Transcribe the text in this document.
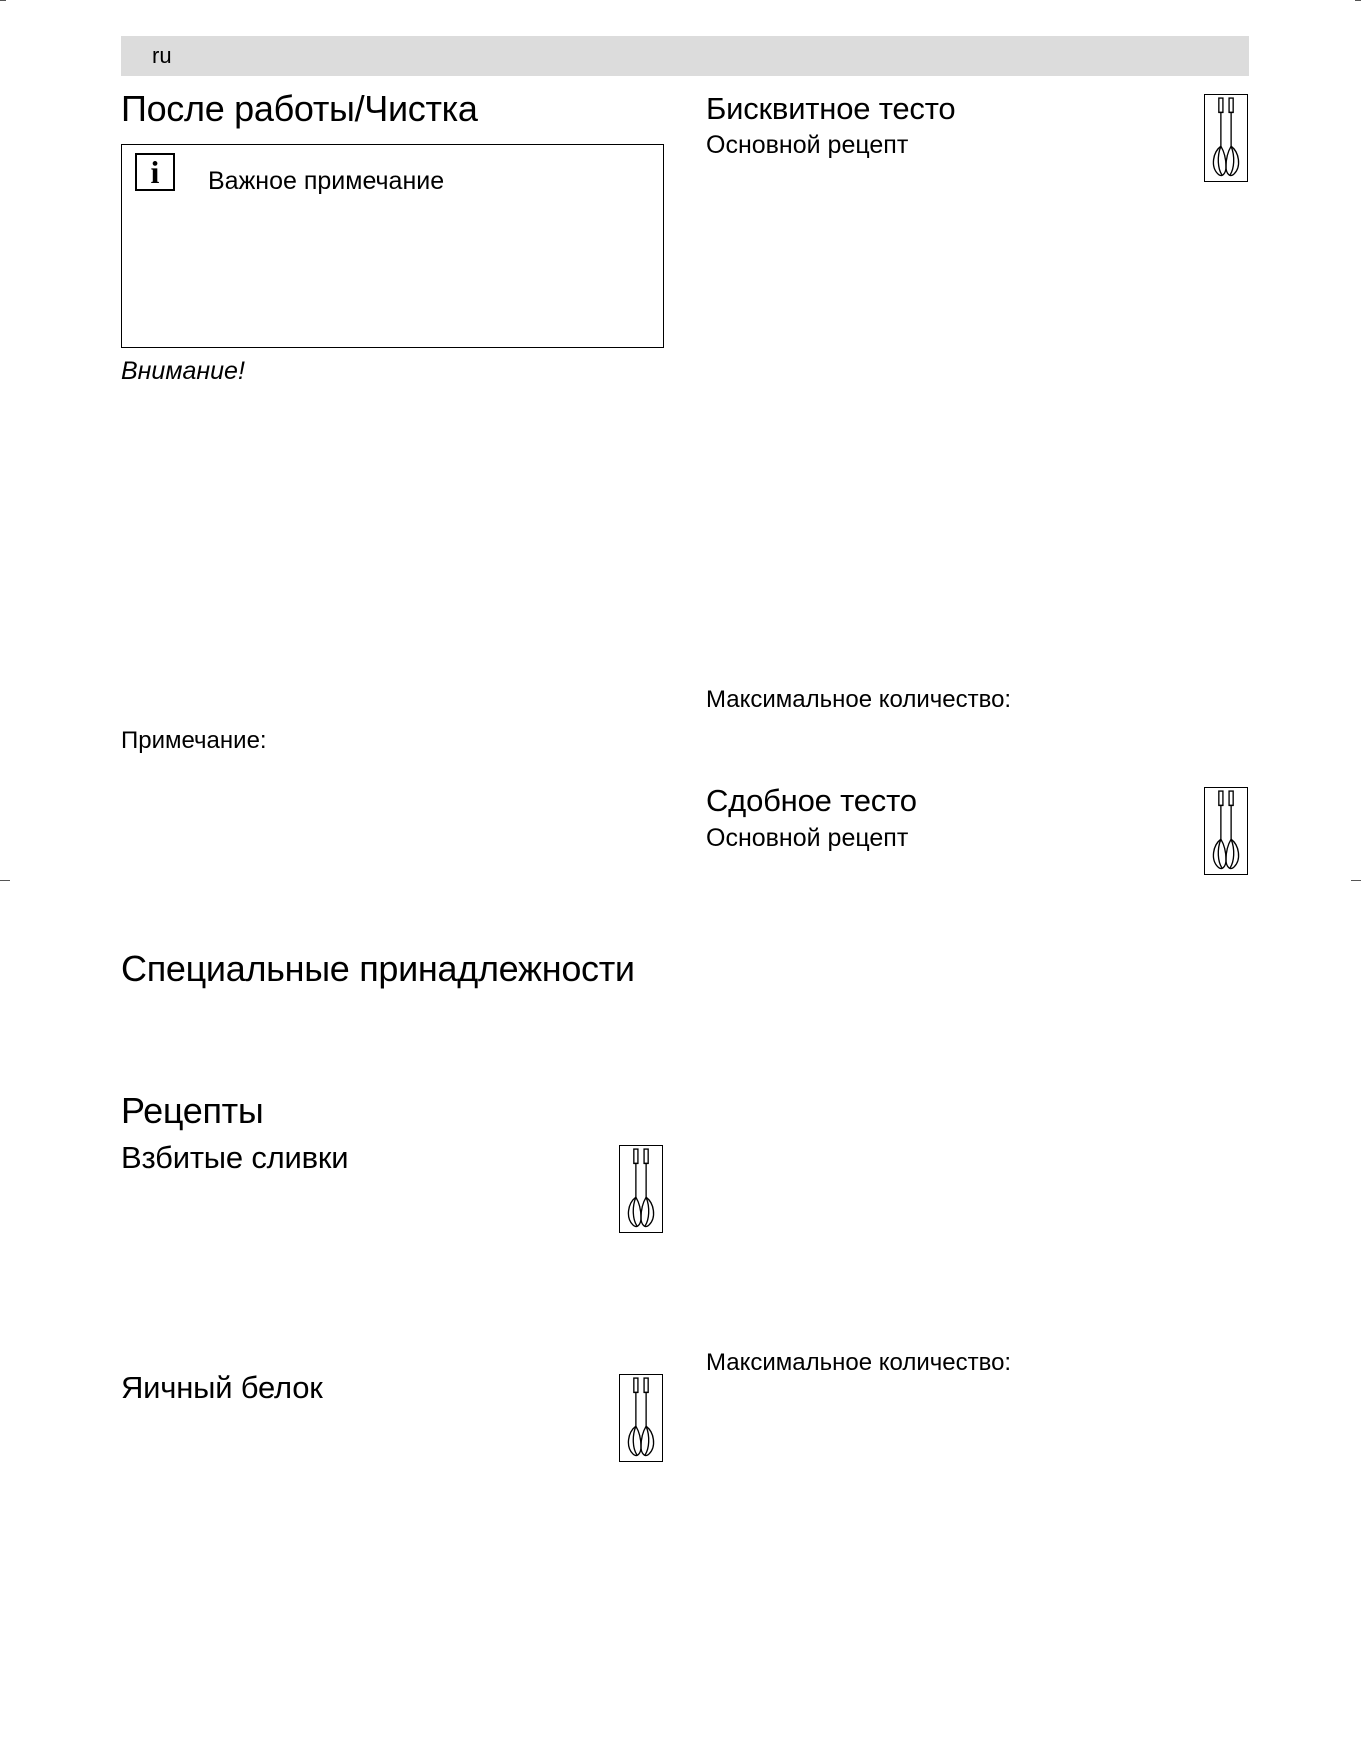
ru
После работы/Чистка
i	Важное примечание
Внимание!
Примечание:
Специальные принадлежности
Рецепты
Взбитые сливки
Яичный белок
Бисквитное тесто
Основной рецепт
Максимальное количество:
Сдобное тесто
Основной рецепт
Максимальное количество:
